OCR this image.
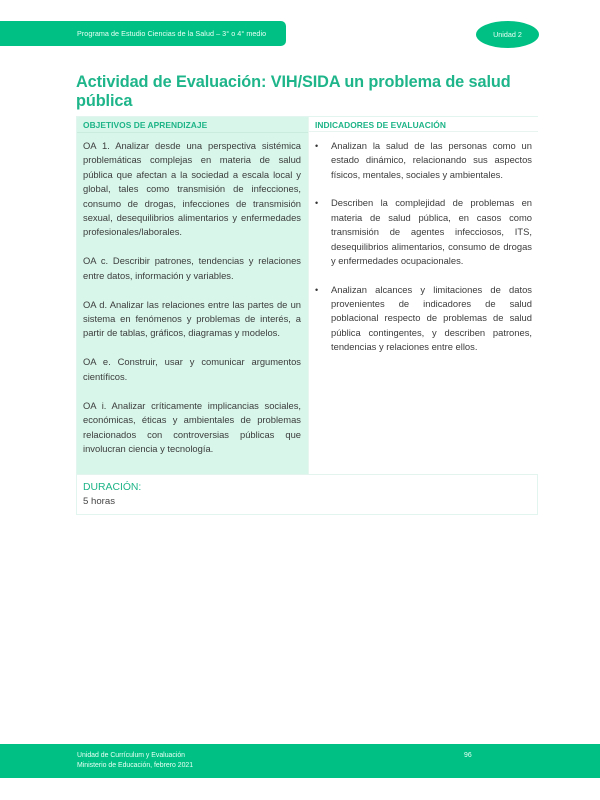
Programa de Estudio Ciencias de la Salud – 3° o 4° medio	Unidad 2
Actividad de Evaluación: VIH/SIDA un problema de salud pública
OBJETIVOS DE APRENDIZAJE

OA 1. Analizar desde una perspectiva sistémica problemáticas complejas en materia de salud pública que afectan a la sociedad a escala local y global, tales como transmisión de infecciones, consumo de drogas, infecciones de transmisión sexual, desequilibrios alimentarios y enfermedades profesionales/laborales.

OA c. Describir patrones, tendencias y relaciones entre datos, información y variables.

OA d. Analizar las relaciones entre las partes de un sistema en fenómenos y problemas de interés, a partir de tablas, gráficos, diagramas y modelos.

OA e. Construir, usar y comunicar argumentos científicos.

OA i. Analizar críticamente implicancias sociales, económicas, éticas y ambientales de problemas relacionados con controversias públicas que involucran ciencia y tecnología.

INDICADORES DE EVALUACIÓN
• Analizan la salud de las personas como un estado dinámico, relacionando sus aspectos físicos, mentales, sociales y ambientales.
• Describen la complejidad de problemas en materia de salud pública, en casos como transmisión de agentes infecciosos, ITS, desequilibrios alimentarios, consumo de drogas y enfermedades ocupacionales.
• Analizan alcances y limitaciones de datos provenientes de indicadores de salud poblacional respecto de problemas de salud pública contingentes, y describen patrones, tendencias y relaciones entre ellos.
DURACIÓN:
5 horas
Unidad de Currículum y Evaluación
Ministerio de Educación, febrero 2021
96
